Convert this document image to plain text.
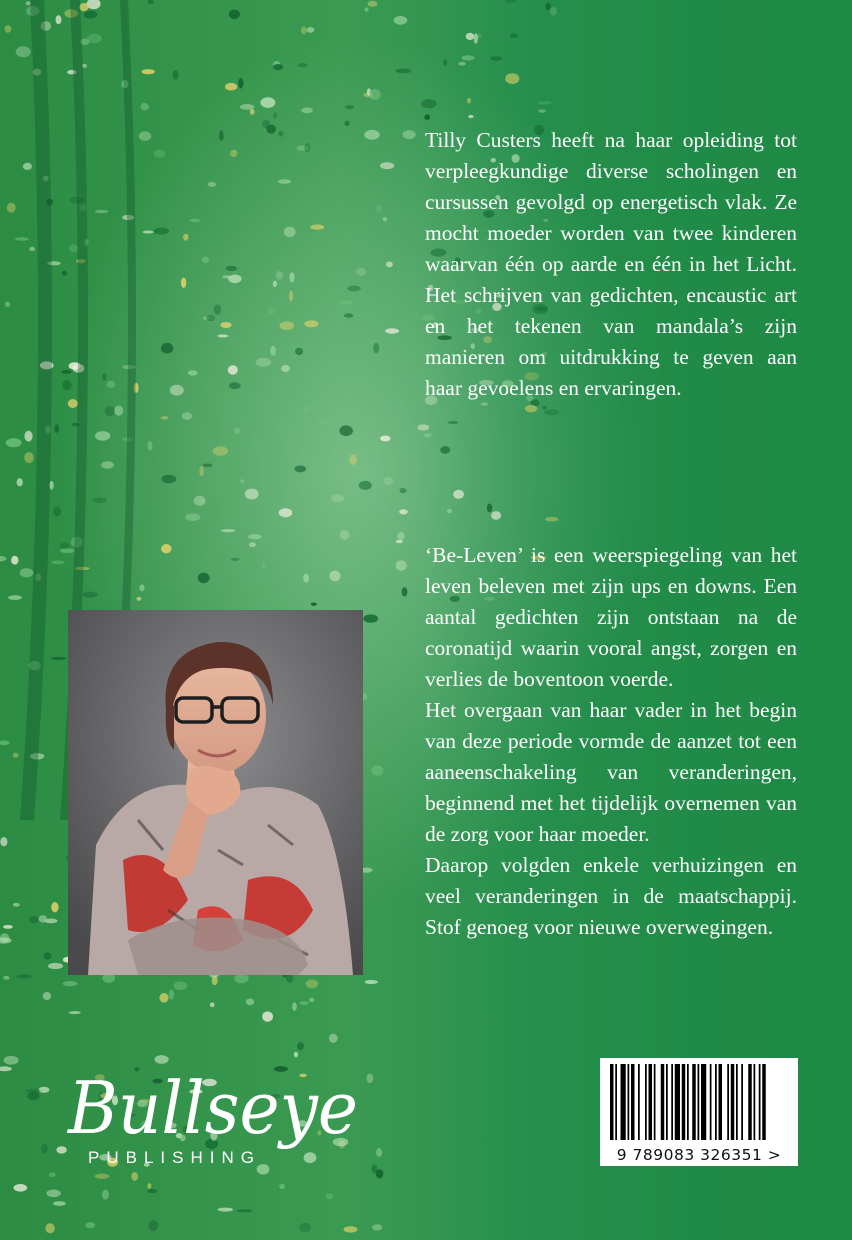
Tilly Custers heeft na haar opleiding tot verpleegkundige diverse scholingen en cursussen gevolgd op energetisch vlak. Ze mocht moeder worden van twee kinderen waarvan één op aarde en één in het Licht. Het schrijven van gedichten, encaustic art en het tekenen van mandala’s zijn manieren om uitdrukking te geven aan haar gevoelens en ervaringen.

‘Be-Leven’ is een weerspiegeling van het leven beleven met zijn ups en downs. Een aantal gedichten zijn ontstaan na de coronatijd waarin vooral angst, zorgen en verlies de boventoon voerde.

Het overgaan van haar vader in het begin van deze periode vormde de aanzet tot een aaneenschakeling van veranderingen, beginnend met het tijdelijk overnemen van de zorg voor haar moeder.

Daarop volgden enkele verhuizingen en veel veranderingen in de maatschappij. Stof genoeg voor nieuwe overwegingen.

Bullseye
PUBLISHING	9 789083 326351 >
